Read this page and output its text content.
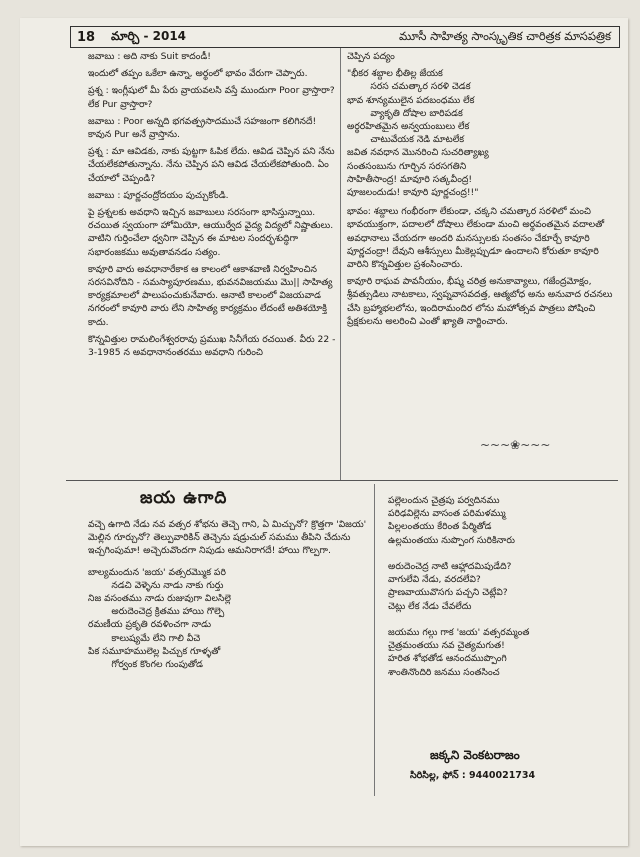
18	మార్చి - 2014	మూసీ సాహిత్య సాంస్కృతిక చారిత్రక మాసపత్రిక

జవాబు : అది నాకు Suit కాదండీ!

ఇందులో తప్పం ఒకేలా ఉన్నా, అర్థంలో భావం వేరుగా చెప్పారు.

ప్రశ్న : ఇంగ్లీషులో మీ పేరు వ్రాయవలసి వస్తే ముందుగా Poor వ్రాస్తారా? లేక Pur వ్రాస్తారా?

జవాబు : Poor అన్నది భగవత్ప్రసాదముచే సహజంగా కలిగినదే! కావున Pur అనే వ్రాస్తాను.

ప్రశ్న : మా ఆవిడకు, నాకు పుట్టగా ఓపిక లేదు. ఆవిడ చెప్పిన పని నేను చేయలేకపోతున్నాను. నేను చెప్పిన పని ఆవిడ చేయలేకపోతుంది. ఏం చేయాలో చెప్పండి?

జవాబు : పూర్ణచంద్రోదయం పుచ్చుకోండి.

పై ప్రశ్నలకు అవధాని ఇచ్చిన జవాబులు సరసంగా భాసిస్తున్నాయి. రచయిత స్వయంగా హోమియో, ఆయుర్వేద వైద్య విద్యలో నిష్ణాతులు. వాటిని గుర్తించేలా ధ్వనిగా చెప్పిన ఈ మాటల సందర్భశుద్ధిగా సభారంజకము అవుతావనడం సత్యం.

కావూరి వారు అవధానారేకాక ఆ కాలంలో ఆకాశవాణి నిర్వహించిన సరసవినోదిని - సమస్యాపూరణము, భువనవిజయము మొ|| సాహిత్య కార్యక్రమాలలో పాలుపంచుకునేవారు. ఆనాటి కాలంలో విజయవాడ నగరంలో కావూరి వారు లేని సాహిత్య కార్యక్రమం లేదంటే అతిశయోక్తి కాదు.

కొన్నవిత్తుల రామలింగేశ్వరరావు ప్రముఖ సినీగేయ రచయిత. వీరు 22 - 3-1985 న అవధానానంతరము అవధాని గురించి

చెప్పిన పద్యం

"భీకర శబ్దాల భీతిల్ల జేయక
సరస చమత్కార సరళి చెడక
భావ శూన్యములైన పదబంధము లేక
వ్యాకృతి దోషాల బారిపడక
అర్థరహితమైన అన్వయంబులు లేక
చాటువేయక నెడి మాటలేక
జవిత నవధాన మొనరించి సుచరిత్యాఖ్య
సంతసంబును గూర్చిన సరసగతిని
సాహితీసాంద్ర! మావూరి సత్కవీంద్ర!
పూజలందుడు! కావూరి పూర్ణచంద్ర!!"

భావం: శబ్దాలు గంభీరంగా లేకుండా, చక్కని చమత్కార సరళిలో మంచి భావయుక్తంగా, పదాలలో దోషాలు లేకుండా మంచి అర్థవంతమైన వదాలతో అవధానాలు చేయదగా అందరి మనస్సులకు సంతసం చేకూర్చే కావూరి పూర్ణచంద్రా! దేవుని ఆశీస్సులు మీకెల్లప్పుడూ ఉందాలని కోరుతూ కావూరి వారిని కొన్నవిత్తుల ప్రశంసించారు.

కావూరి రాఘవ పావనీయం, భీష్మ చరిత్ర అనుకావ్యాలు, గజేంద్రమోక్షం, శ్రీవత్సుడిలు నాటకాలు, స్వప్నవాసవదత్త, ఆత్మబోధ అను అనువాద రచనలు చేసి బ్రహ్మాభలలోను, ఇందిరామందిర లోను మహోత్సవ పాత్రలు పోషించి ప్రేక్షకులను అలరించి ఎంతో ఖ్యాతి నార్జించారు.

~~~❀~~~
జయ ఉగాది

వచ్చె ఉగాది నేడు నవ వత్సర శోభను తెచ్చె గాని, ఏ మిచ్చునో? క్రొత్తగా 'విజయ' మెల్లిన గూర్చునో? తెల్పువారికిన్ తెచ్చెను షడ్రుచుల్ సమము తీపిని చేదును ఇచ్చగింపుమా! అచ్చెరువొందగా నిపుడు ఆమనిరాగదే! హాయి గొల్పగా.

బాల్యమందున 'జయ' వత్సరమ్మొక పరి
నడచి వెళ్ళెను నాడు నాకు గుర్తు
నిజ వసంతము నాడు రుజువుగా విలసిల్లె
అరుదెంచెద్ర క్రితము హాయి గొల్పె
రమణీయ ప్రకృతి రవళించగా నాడు
కాలుష్యమే లేని గాలి వీచె
పిక సమూహములెల్ల పిచ్చుక గూళ్ళతో
గోర్వంక కొంగల గుంపుతోడ
పల్లెలందున చైత్రపు పర్వదినము
పరిఢవిల్లెను వాసంత పరిమళమ్ము
పిల్లలంతయు కేరింత పేర్మితోడ
ఉల్లమంతయు నుప్పొంగ సురికినారు

అరుదెంచెద్ర నాటి ఆహ్లాదమిపుడేది?
వాగులేవి నేడు, వరదలేవి?
ప్రాణవాయువొసగు పచ్చని చెట్లేవి?
చెట్లు లేక నేడు చేవలేదు

జయము గల్గు గాక 'జయ' వత్సరమ్మంత
చైత్రమంతయు నవ చైత్యమగుత!
హరిత శోభతోడ ఆనందముప్పొంగి
శాంతినొందిరి జనము సంతసించ
జక్కని వెంకటరాజం
సిరిసిల్ల, ఫోన్ : 9440021734
